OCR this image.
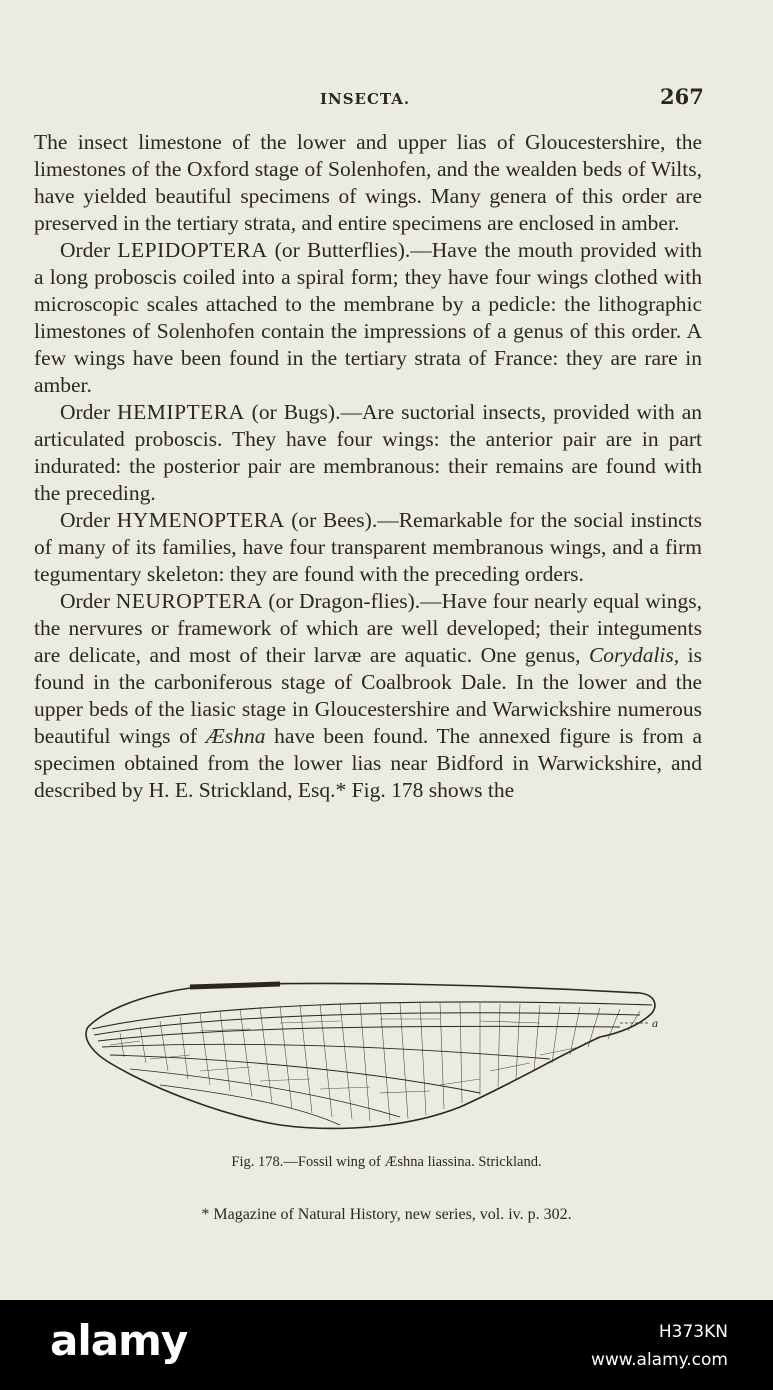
INSECTA.	267

The insect limestone of the lower and upper lias of Gloucestershire, the limestones of the Oxford stage of Solenhofen, and the wealden beds of Wilts, have yielded beautiful specimens of wings. Many genera of this order are preserved in the tertiary strata, and entire specimens are enclosed in amber.

Order LEPIDOPTERA (or Butterflies).—Have the mouth provided with a long proboscis coiled into a spiral form; they have four wings clothed with microscopic scales attached to the membrane by a pedicle: the lithographic limestones of Solenhofen contain the impressions of a genus of this order. A few wings have been found in the tertiary strata of France: they are rare in amber.

Order HEMIPTERA (or Bugs).—Are suctorial insects, provided with an articulated proboscis. They have four wings: the anterior pair are in part indurated: the posterior pair are membranous: their remains are found with the preceding.

Order HYMENOPTERA (or Bees).—Remarkable for the social instincts of many of its families, have four transparent membranous wings, and a firm tegumentary skeleton: they are found with the preceding orders.

Order NEUROPTERA (or Dragon-flies).—Have four nearly equal wings, the nervures or framework of which are well developed; their integuments are delicate, and most of their larvæ are aquatic. One genus, Corydalis, is found in the carboniferous stage of Coalbrook Dale. In the lower and the upper beds of the liasic stage in Gloucestershire and Warwickshire numerous beautiful wings of Æshna have been found. The annexed figure is from a specimen obtained from the lower lias near Bidford in Warwickshire, and described by H. E. Strickland, Esq.* Fig. 178 shows the

a
Fig. 178.—Fossil wing of Æshna liassina. Strickland.
* Magazine of Natural History, new series, vol. iv. p. 302.
alamy	H373KN
www.alamy.com
